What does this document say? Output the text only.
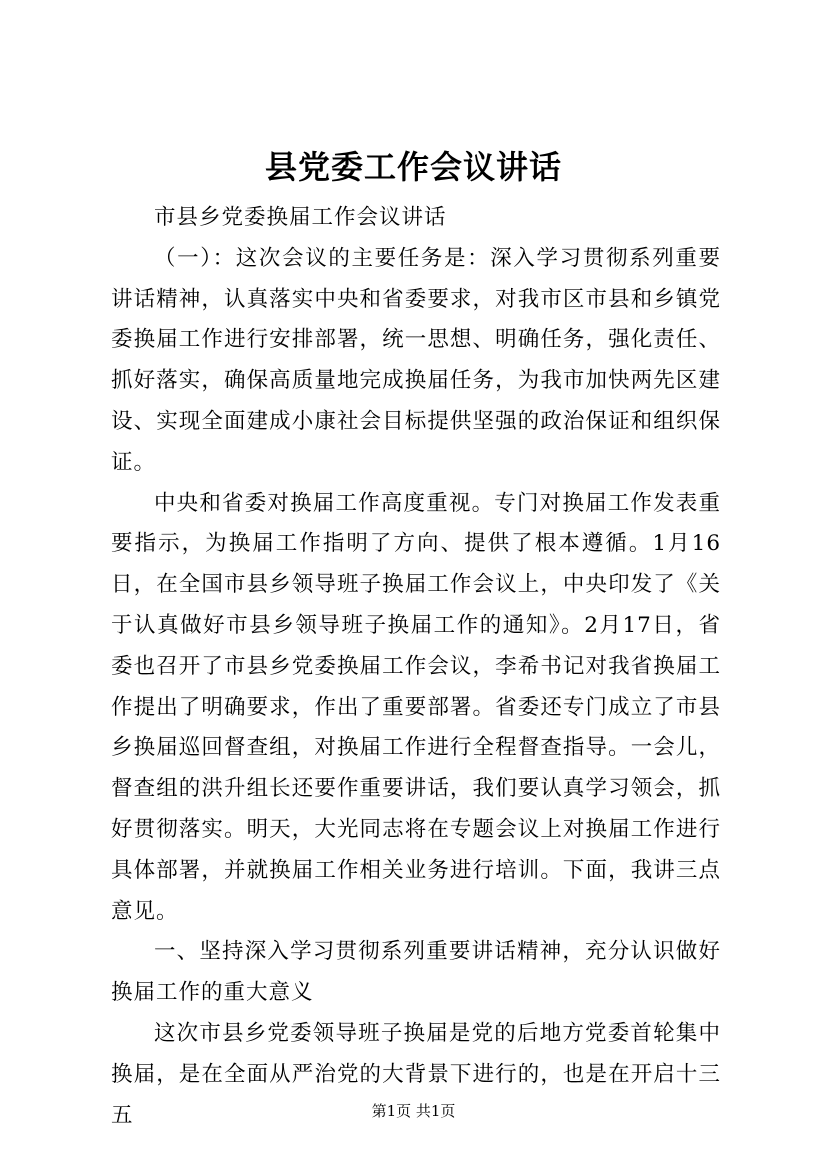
县党委工作会议讲话

市县乡党委换届工作会议讲话

（一）：这次会议的主要任务是：深入学习贯彻系列重要讲话精神，认真落实中央和省委要求，对我市区市县和乡镇党委换届工作进行安排部署，统一思想、明确任务，强化责任、抓好落实，确保高质量地完成换届任务，为我市加快两先区建设、实现全面建成小康社会目标提供坚强的政治保证和组织保证。

中央和省委对换届工作高度重视。专门对换届工作发表重要指示，为换届工作指明了方向、提供了根本遵循。1月16日，在全国市县乡领导班子换届工作会议上，中央印发了《关于认真做好市县乡领导班子换届工作的通知》。2月17日，省委也召开了市县乡党委换届工作会议，李希书记对我省换届工作提出了明确要求，作出了重要部署。省委还专门成立了市县乡换届巡回督查组，对换届工作进行全程督查指导。一会儿，督查组的洪升组长还要作重要讲话，我们要认真学习领会，抓好贯彻落实。明天，大光同志将在专题会议上对换届工作进行具体部署，并就换届工作相关业务进行培训。下面，我讲三点意见。

一、坚持深入学习贯彻系列重要讲话精神，充分认识做好换届工作的重大意义

这次市县乡党委领导班子换届是党的后地方党委首轮集中换届，是在全面从严治党的大背景下进行的，也是在开启十三五	第1页 共1页
